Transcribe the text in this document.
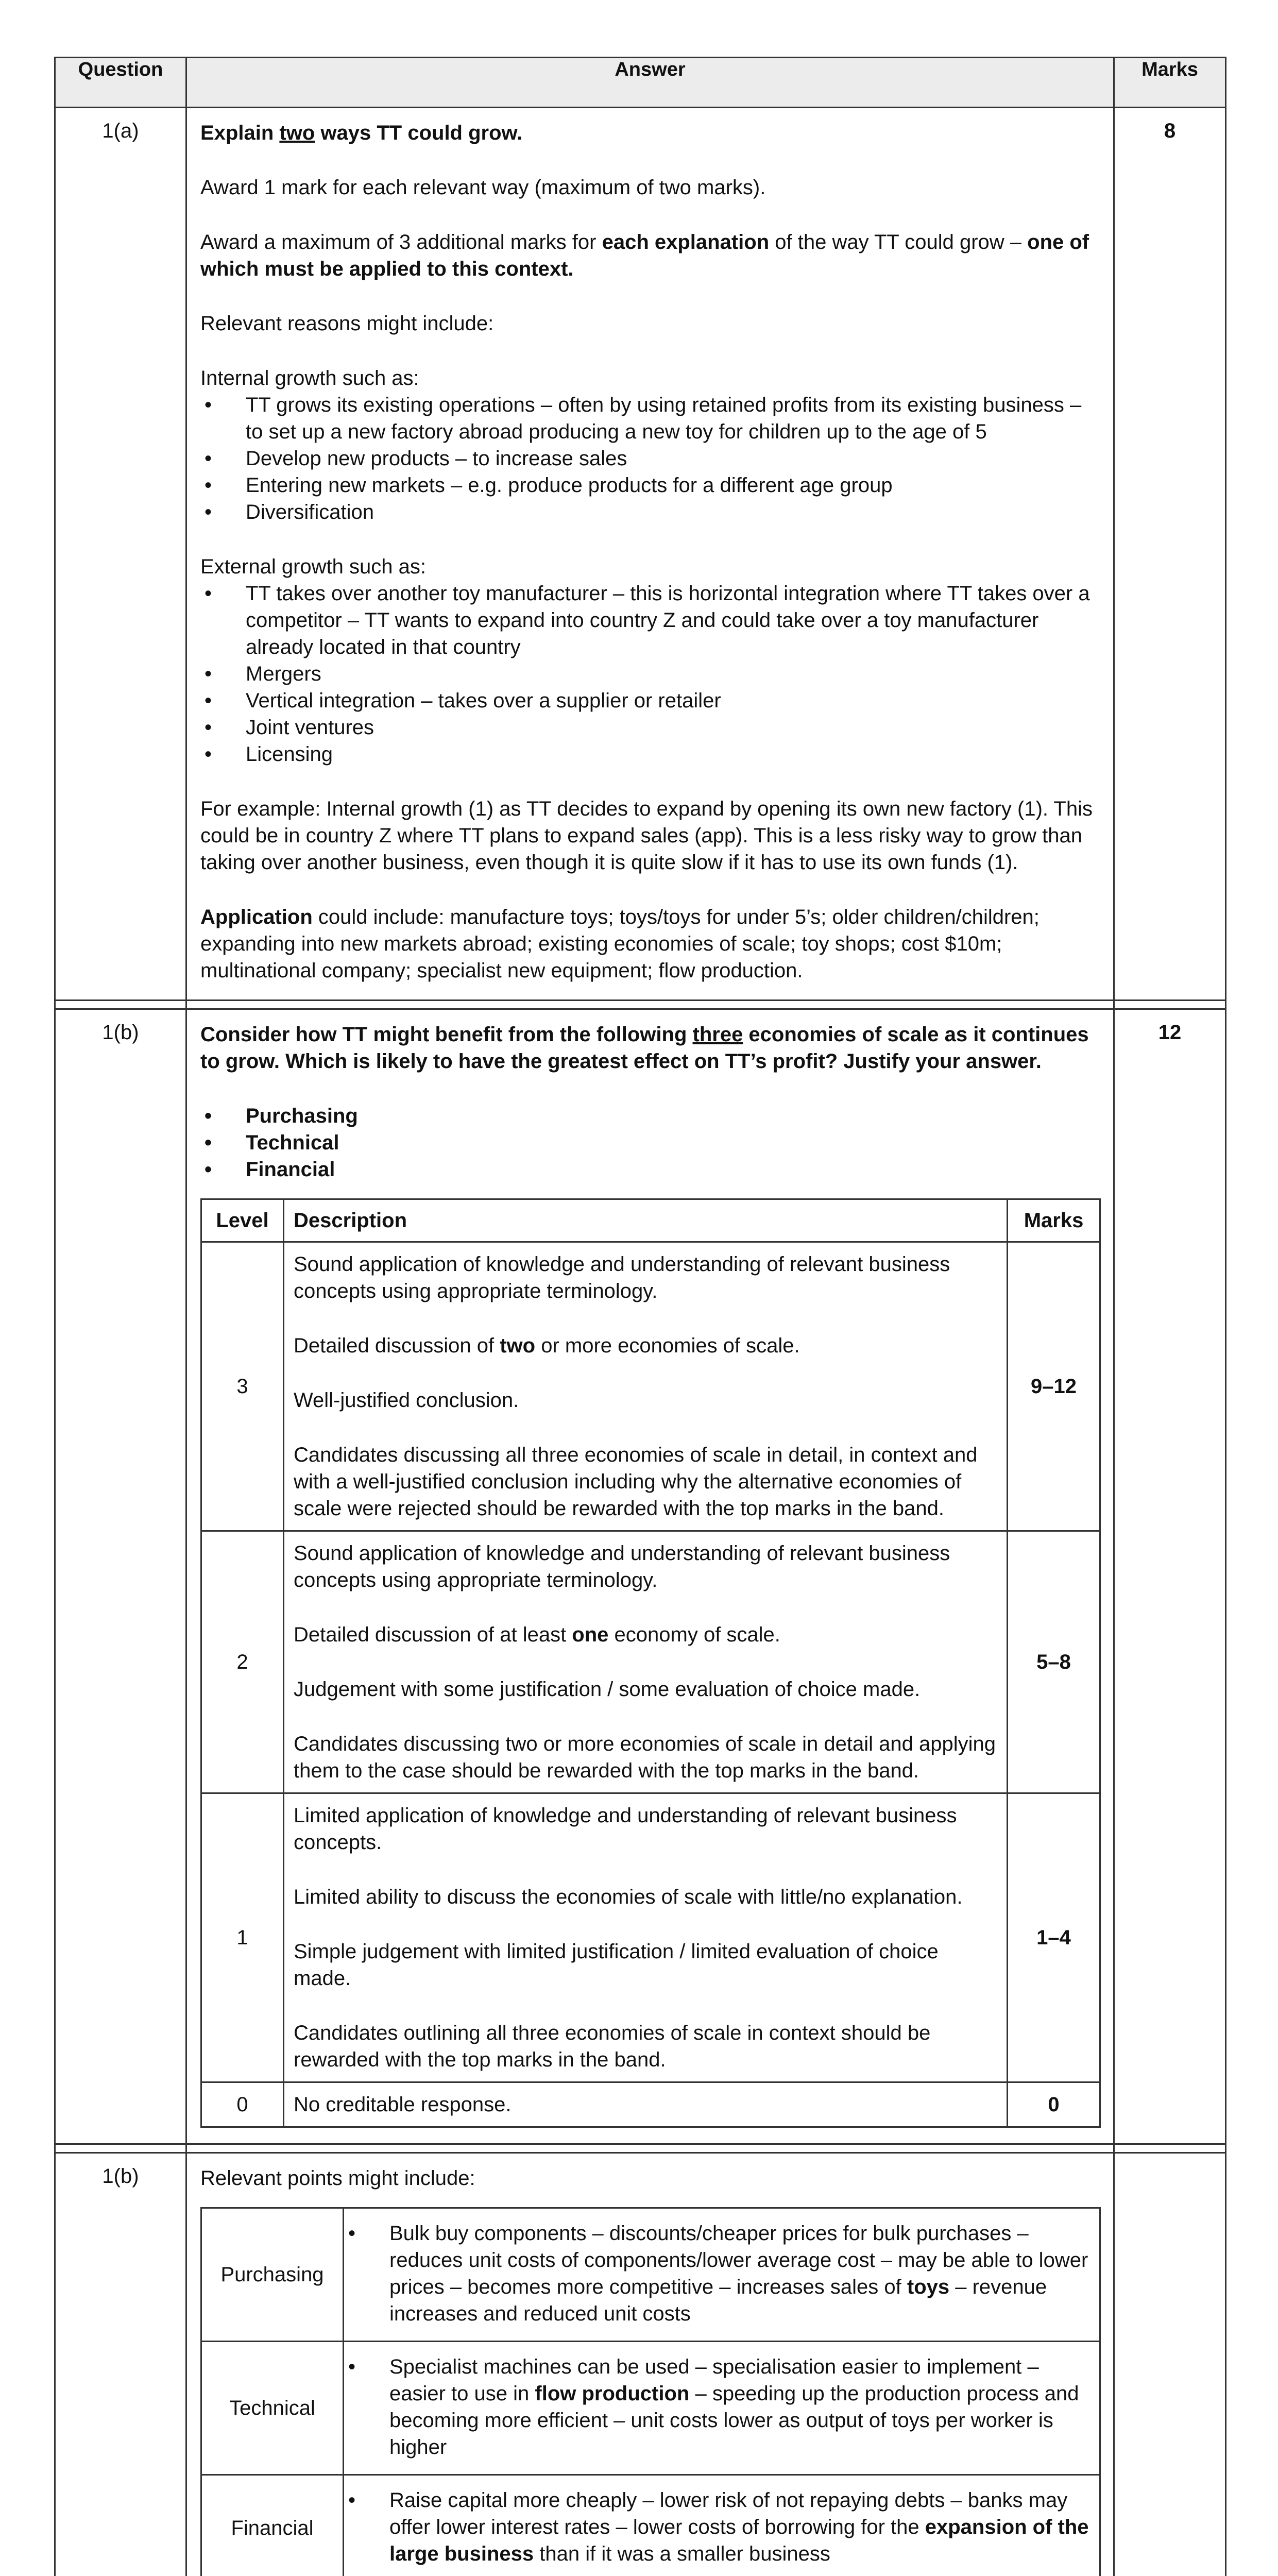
Question	Answer	Marks
1(a)	Explain two ways TT could grow.

Award 1 mark for each relevant way (maximum of two marks).

Award a maximum of 3 additional marks for each explanation of the way TT could grow – one of which must be applied to this context.

Relevant reasons might include:

Internal growth such as:
• TT grows its existing operations – often by using retained profits from its existing business – to set up a new factory abroad producing a new toy for children up to the age of 5
• Develop new products – to increase sales
• Entering new markets – e.g. produce products for a different age group
• Diversification
External growth such as:
• TT takes over another toy manufacturer – this is horizontal integration where TT takes over a competitor – TT wants to expand into country Z and could take over a toy manufacturer already located in that country
• Mergers
• Vertical integration – takes over a supplier or retailer
• Joint ventures
• Licensing

For example: Internal growth (1) as TT decides to expand by opening its own new factory (1). This could be in country Z where TT plans to expand sales (app). This is a less risky way to grow than taking over another business, even though it is quite slow if it has to use its own funds (1).

Application could include: manufacture toys; toys/toys for under 5’s; older children/children; expanding into new markets abroad; existing economies of scale; toy shops; cost $10m; multinational company; specialist new equipment; flow production.

	8

1(b)	Consider how TT might benefit from the following three economies of scale as it continues to grow. Which is likely to have the greatest effect on TT’s profit? Justify your answer.

• Purchasing
• Technical
• Financial
Level	Description	Marks
3	

Sound application of knowledge and understanding of relevant business concepts using appropriate terminology.

Detailed discussion of two or more economies of scale.

Well-justified conclusion.

Candidates discussing all three economies of scale in detail, in context and with a well-justified conclusion including why the alternative economies of scale were rejected should be rewarded with the top marks in the band.

	9–12
2	

Sound application of knowledge and understanding of relevant business concepts using appropriate terminology.

Detailed discussion of at least one economy of scale.

Judgement with some justification / some evaluation of choice made.

Candidates discussing two or more economies of scale in detail and applying them to the case should be rewarded with the top marks in the band.

	5–8
1	

Limited application of knowledge and understanding of relevant business concepts.

Limited ability to discuss the economies of scale with little/no explanation.

Simple judgement with limited justification / limited evaluation of choice made.

Candidates outlining all three economies of scale in context should be rewarded with the top marks in the band.

	1–4
0	No creditable response.	0
	12

1(b)	Relevant points might include:
Purchasing	
• Bulk buy components – discounts/cheaper prices for bulk purchases – reduces unit costs of components/lower average cost – may be able to lower prices – becomes more competitive – increases sales of toys – revenue increases and reduced unit costs

Technical	
• Specialist machines can be used – specialisation easier to implement – easier to use in flow production – speeding up the production process and becoming more efficient – unit costs lower as output of toys per worker is higher

Financial	
• Raise capital more cheaply – lower risk of not repaying debts – banks may offer lower interest rates – lower costs of borrowing for the expansion of the large business than if it was a smaller business
